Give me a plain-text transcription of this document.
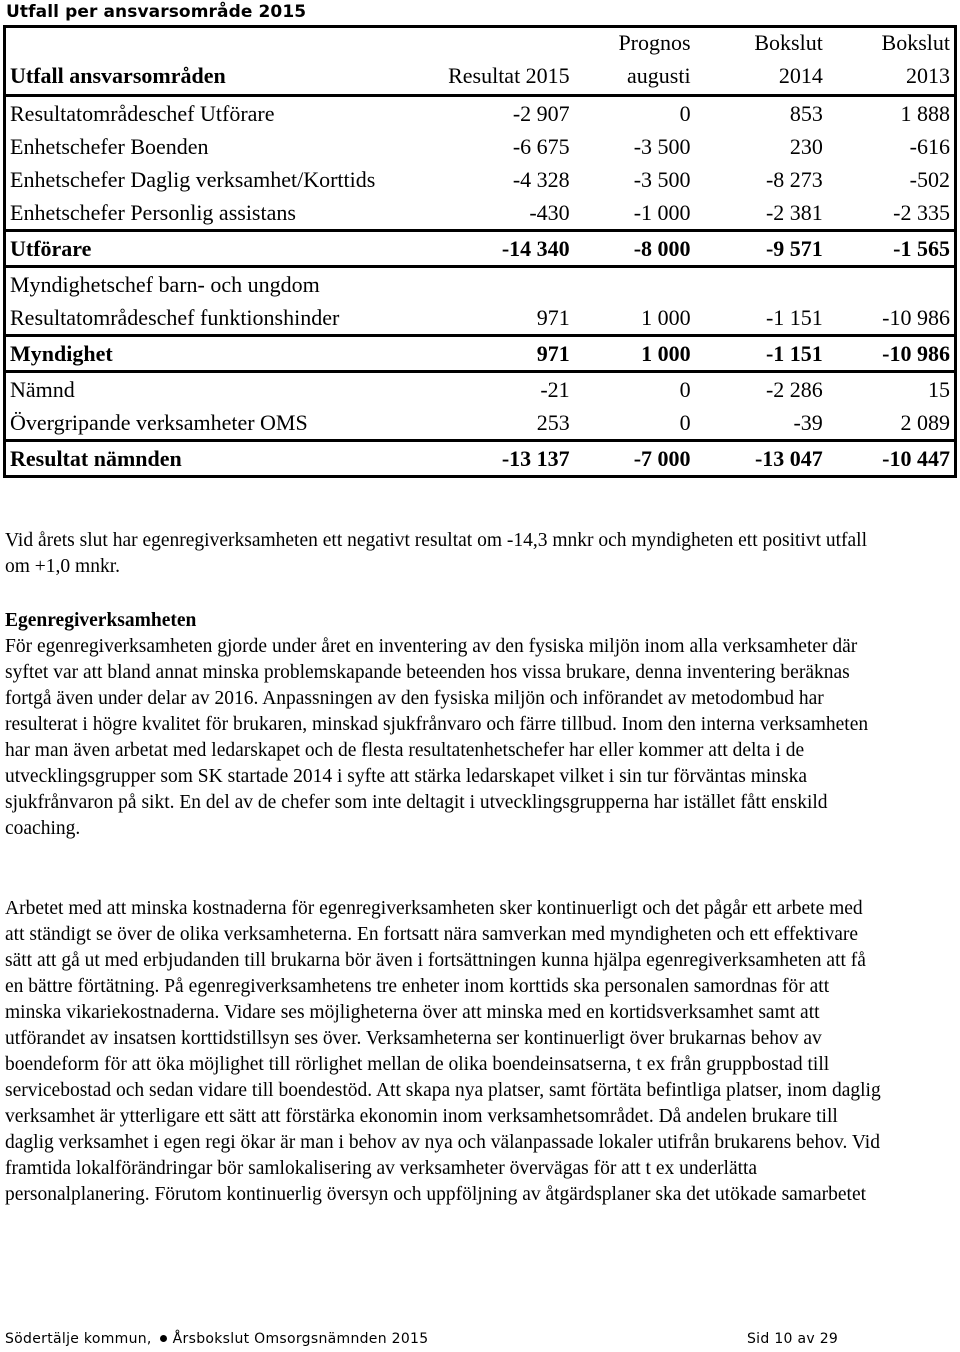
Utfall per ansvarsområde 2015
		Prognos	Bokslut	Bokslut
Utfall ansvarsområden	Resultat 2015	augusti	2014	2013
Resultatområdeschef Utförare	-2 907	0	853	1 888
Enhetschefer Boenden	-6 675	-3 500	230	-616
Enhetschefer Daglig verksamhet/Korttids	-4 328	-3 500	-8 273	-502
Enhetschefer Personlig assistans	-430	-1 000	-2 381	-2 335
Utförare	-14 340	-8 000	-9 571	-1 565
Myndighetschef barn- och ungdom				
Resultatområdeschef funktionshinder	971	1 000	-1 151	-10 986
Myndighet	971	1 000	-1 151	-10 986
Nämnd	-21	0	-2 286	15
Övergripande verksamheter OMS	253	0	-39	2 089
Resultat nämnden	-13 137	-7 000	-13 047	-10 447

Vid årets slut har egenregiverksamheten ett negativt resultat om -14,3 mnkr och myndigheten ett positivt utfall om +1,0 mnkr.

Egenregiverksamheten

För egenregiverksamheten gjorde under året en inventering av den fysiska miljön inom alla verksamheter där syftet var att bland annat minska problemskapande beteenden hos vissa brukare, denna inventering beräknas fortgå även under delar av 2016. Anpassningen av den fysiska miljön och införandet av metodombud har resulterat i högre kvalitet för brukaren, minskad sjukfrånvaro och färre tillbud. Inom den interna verksamheten har man även arbetat med ledarskapet och de flesta resultatenhetschefer har eller kommer att delta i de utvecklingsgrupper som SK startade 2014 i syfte att stärka ledarskapet vilket i sin tur förväntas minska sjukfrånvaron på sikt. En del av de chefer som inte deltagit i utvecklingsgrupperna har istället fått enskild coaching.

Arbetet med att minska kostnaderna för egenregiverksamheten sker kontinuerligt och det pågår ett arbete med att ständigt se över de olika verksamheterna. En fortsatt nära samverkan med myndigheten och ett effektivare sätt att gå ut med erbjudanden till brukarna bör även i fortsättningen kunna hjälpa egenregiverksamheten att få en bättre förtätning. På egenregiverksamhetens tre enheter inom korttids ska personalen samordnas för att minska vikariekostnaderna. Vidare ses möjligheterna över att minska med en kortidsverksamhet samt att utförandet av insatsen korttidstillsyn ses över. Verksamheterna ser kontinuerligt över brukarnas behov av boendeform för att öka möjlighet till rörlighet mellan de olika boendeinsatserna, t ex från gruppbostad till servicebostad och sedan vidare till boendestöd. Att skapa nya platser, samt förtäta befintliga platser, inom daglig verksamhet är ytterligare ett sätt att förstärka ekonomin inom verksamhetsområdet. Då andelen brukare till daglig verksamhet i egen regi ökar är man i behov av nya och välanpassade lokaler utifrån brukarens behov. Vid framtida lokalförändringar bör samlokalisering av verksamheter övervägas för att t ex underlätta personalplanering. Förutom kontinuerlig översyn och uppföljning av åtgärdsplaner ska det utökade samarbetet

Södertälje kommun, Årsbokslut Omsorgsnämnden 2015	Sid 10 av 29
